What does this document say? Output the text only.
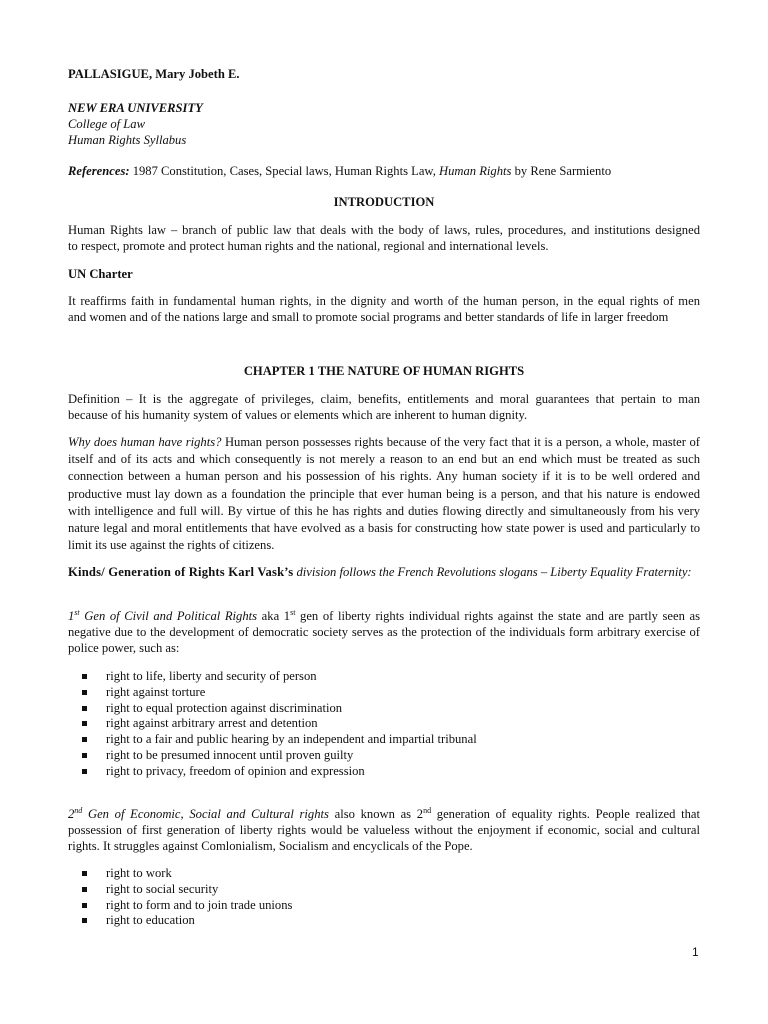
PALLASIGUE, Mary Jobeth E.

NEW ERA UNIVERSITY

College of Law

Human Rights Syllabus

References: 1987 Constitution, Cases, Special laws, Human Rights Law, Human Rights by Rene Sarmiento

INTRODUCTION

Human Rights law – branch of public law that deals with the body of laws, rules, procedures, and institutions designed

to respect, promote and protect human rights and the national, regional and international levels.

UN Charter

It reaffirms faith in fundamental human rights, in the dignity and worth of the human person, in the equal rights of men

and women and of the nations large and small to promote social programs and better standards of life in larger freedom

CHAPTER 1 THE NATURE OF HUMAN RIGHTS

Definition – It is the aggregate of privileges, claim, benefits, entitlements and moral guarantees that pertain to man

because of his humanity system of values or elements which are inherent to human dignity.

Why does human have rights? Human person possesses rights because of the very fact that it is a person, a whole, master of itself and of its acts and which consequently is not merely a reason to an end but an end which must be treated as such connection between a human person and his possession of his rights. Any human society if it is to be well ordered and productive must lay down as a foundation the principle that ever human being is a person, and that his nature is endowed with intelligence and full will. By virtue of this he has rights and duties flowing directly and simultaneously from his very nature legal and moral entitlements that have evolved as a basis for constructing how state power is used and particularly to limit its use against the rights of citizens.

Kinds/ Generation of Rights Karl Vask’s division follows the French Revolutions slogans – Liberty Equality Fraternity:

1st Gen of Civil and Political Rights aka 1st gen of liberty rights individual rights against the state and are partly seen as negative due to the development of democratic society serves as the protection of the individuals form arbitrary exercise of police power, such as:

right to life, liberty and security of person
right against torture
right to equal protection against discrimination
right against arbitrary arrest and detention
right to a fair and public hearing by an independent and impartial tribunal
right to be presumed innocent until proven guilty
right to privacy, freedom of opinion and expression

2nd Gen of Economic, Social and Cultural rights also known as 2nd generation of equality rights. People realized that possession of first generation of liberty rights would be valueless without the enjoyment if economic, social and cultural rights. It struggles against Comlonialism, Socialism and encyclicals of the Pope.

right to work
right to social security
right to form and to join trade unions
right to education
1
